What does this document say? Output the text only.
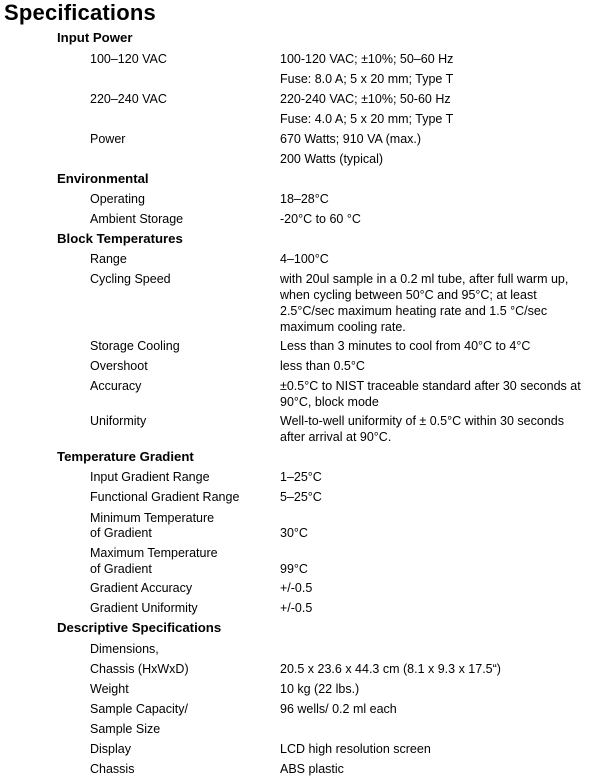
Specifications
Input Power
100–120 VAC	100-120 VAC; ±10%; 50–60 Hz
Fuse: 8.0 A; 5 x 20 mm; Type T
220–240 VAC	220-240 VAC; ±10%; 50-60 Hz
Fuse: 4.0 A; 5 x 20 mm; Type T
Power	670 Watts; 910 VA (max.)
200 Watts (typical)
Environmental
Operating	18–28°C
Ambient Storage	-20°C to 60 °C
Block Temperatures
Range	4–100°C
Cycling Speed	with 20ul sample in a 0.2 ml tube, after full warm up,
when cycling between 50°C and 95°C; at least
2.5°C/sec maximum heating rate and 1.5 °C/sec
maximum cooling rate.
Storage Cooling	Less than 3 minutes to cool from 40°C to 4°C
Overshoot	less than 0.5°C
Accuracy	±0.5°C to NIST traceable standard after 30 seconds at
90°C, block mode
Uniformity	Well-to-well uniformity of ± 0.5°C within 30 seconds
after arrival at 90°C.
Temperature Gradient
Input Gradient Range	1–25°C
Functional Gradient Range	5–25°C
Minimum Temperature
of Gradient	30°C
Maximum Temperature
of Gradient	99°C
Gradient Accuracy	+/-0.5
Gradient Uniformity	+/-0.5
Descriptive Specifications
Dimensions,
Chassis (HxWxD)	20.5 x 23.6 x 44.3 cm (8.1 x 9.3 x 17.5“)
Weight	10 kg (22 lbs.)
Sample Capacity/	96 wells/ 0.2 ml each
Sample Size
Display	LCD high resolution screen
Chassis	ABS plastic
